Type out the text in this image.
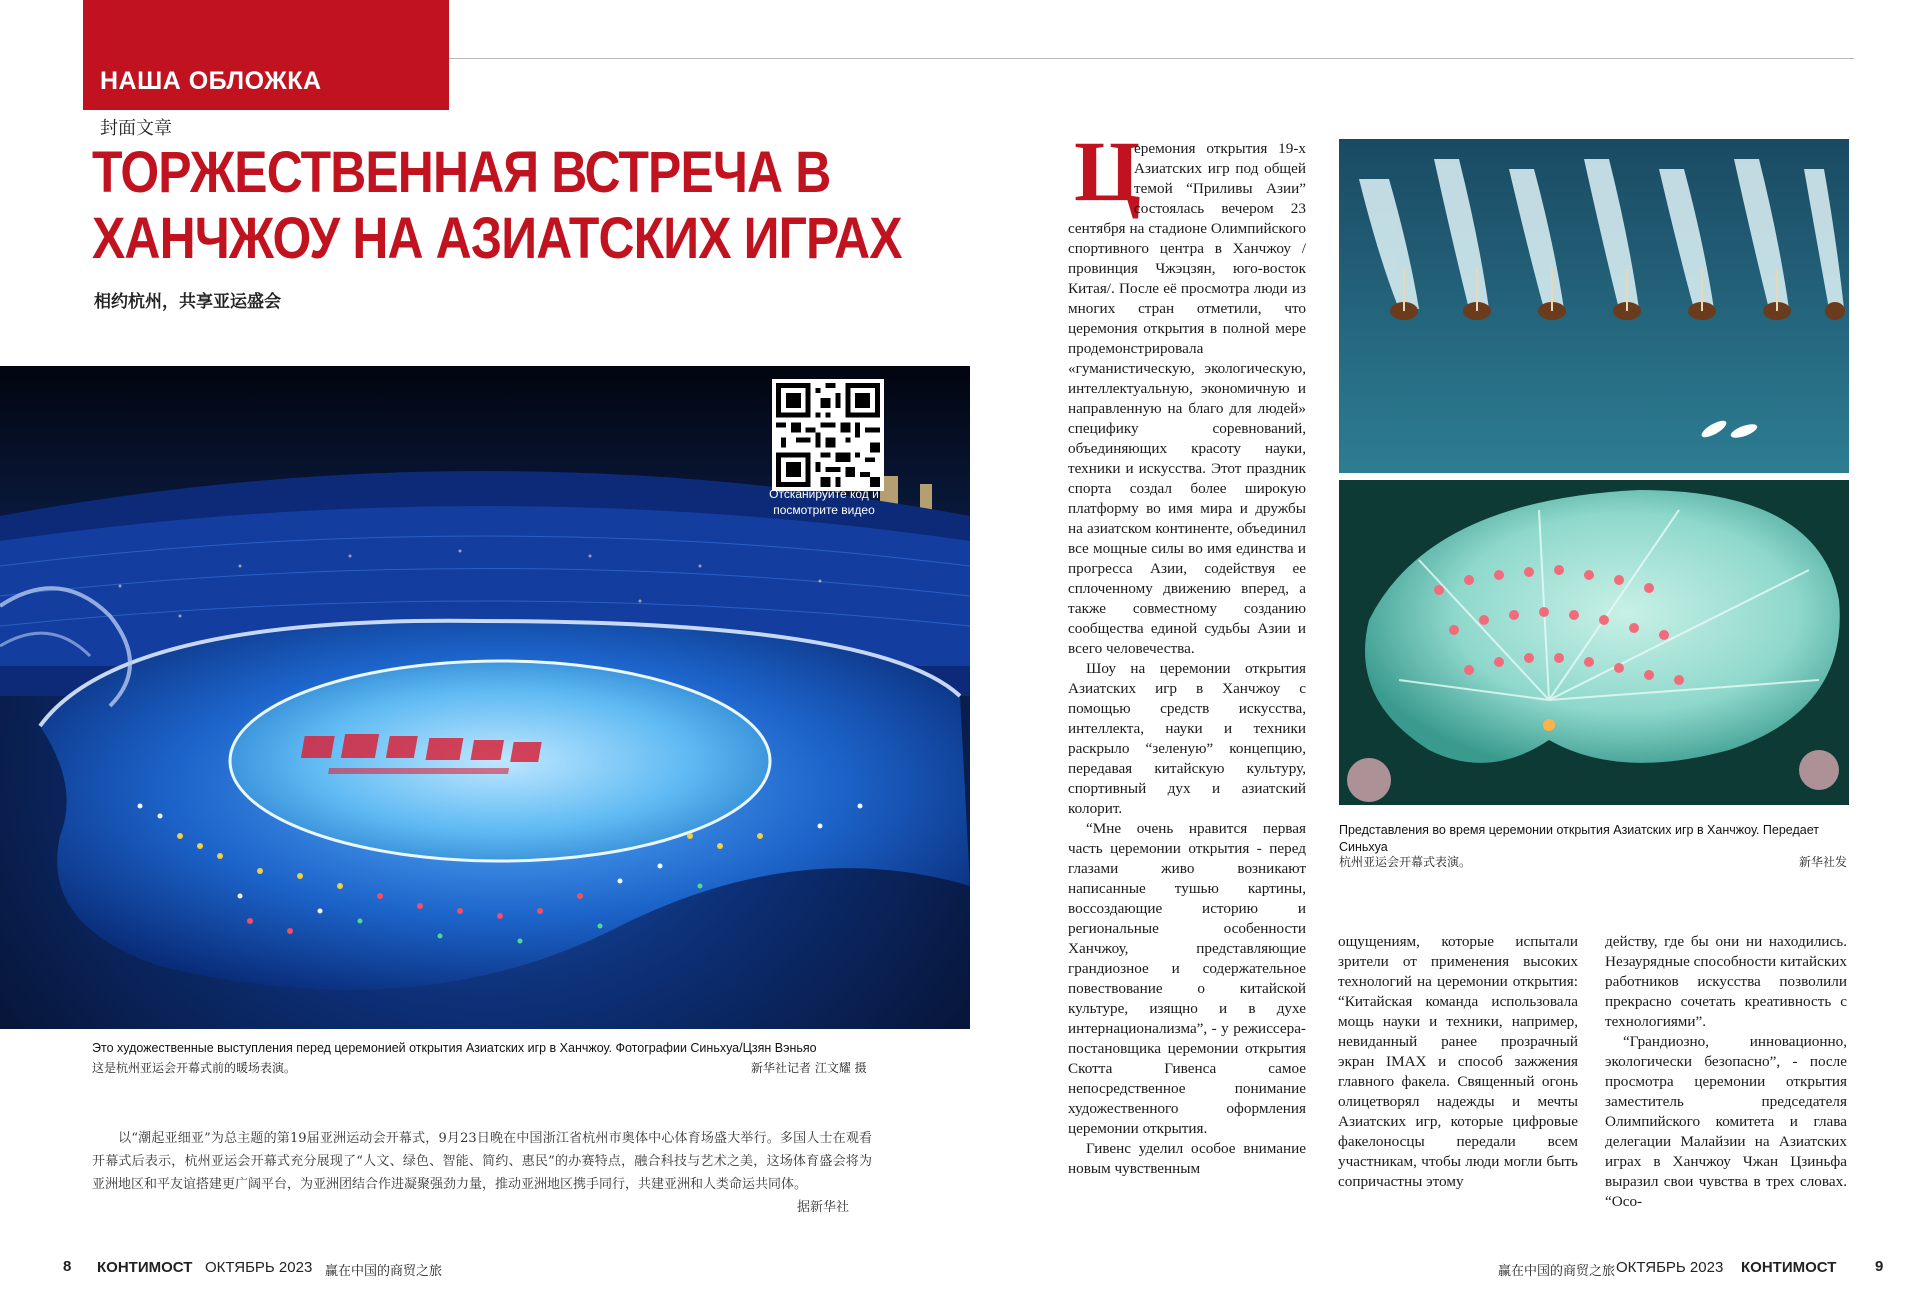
НАША ОБЛОЖКА
封面文章
ТОРЖЕСТВЕННАЯ ВСТРЕЧА В
ХАНЧЖОУ НА АЗИАТСКИХ ИГРАХ
相约杭州，共享亚运盛会
Отсканируйте код и посмотрите видео
Это художественные выступления перед церемонией открытия Азиатских игр в Ханчжоу. Фотографии Синьхуа/Цзян Вэньяо
这是杭州亚运会开幕式前的暖场表演。	新华社记者 江文耀 摄
以“潮起亚细亚”为总主题的第19届亚洲运动会开幕式，9月23日晚在中国浙江省杭州市奥体中心体育场盛大举行。多国人士在观看开幕式后表示，杭州亚运会开幕式充分展现了“人文、绿色、智能、简约、惠民”的办赛特点，融合科技与艺术之美，这场体育盛会将为亚洲地区和平友谊搭建更广阔平台，为亚洲团结合作进凝聚强劲力量，推动亚洲地区携手同行，共建亚洲和人类命运共同体。
据新华社
Ц

еремония открытия 19-х Азиатских игр под общей темой “Приливы Азии” состоялась вечером 23 сентября на стадионе Олимпийского спортивного центра в Ханчжоу /провинция Чжэцзян, юго-восток Китая/. После её просмотра люди из многих стран отметили, что церемония открытия в полной мере продемонстрировала «гуманистическую, экологическую, интеллектуальную, экономичную и направленную на благо для людей» специфику соревнований, объединяющих красоту науки, техники и искусства. Этот праздник спорта создал более широкую платформу во имя мира и дружбы на азиатском континенте, объединил все мощные силы во имя единства и прогресса Азии, содействуя ее сплоченному движению вперед, а также совместному созданию сообщества единой судьбы Азии и всего человечества.

Шоу на церемонии открытия Азиатских игр в Ханчжоу с помощью средств искусства, интеллекта, науки и техники раскрыло “зеленую” концепцию, передавая китайскую культуру, спортивный дух и азиатский колорит.

“Мне очень нравится первая часть церемонии открытия - перед глазами живо возникают написанные тушью картины, воссоздающие историю и региональные особенности Ханчжоу, представляющие грандиозное и содержательное повествование о китайской культуре, изящно и в духе интернационализма”, - у режиссера-постановщика церемонии открытия Скотта Гивенса самое непосредственное понимание художественного оформления церемонии открытия.

Гивенс уделил особое внимание новым чувственным

Представления во время церемонии открытия Азиатских игр в Ханчжоу. Передает Синьхуа
杭州亚运会开幕式表演。	新华社发

ощущениям, которые испытали зрители от применения высоких технологий на церемонии открытия: “Китайская команда использовала мощь науки и техники, например, невиданный ранее прозрачный экран IMAX и способ зажжения главного факела. Священный огонь олицетворял надежды и мечты Азиатских игр, которые цифровые факелоносцы передали всем участникам, чтобы люди могли быть сопричастны этому

действу, где бы они ни находились. Незаурядные способности китайских работников искусства позволили прекрасно сочетать креативность с технологиями”.

“Грандиозно, инновационно, экологически безопасно”, - после просмотра церемонии открытия заместитель председателя Олимпийского комитета и глава делегации Малайзии на Азиатских играх в Ханчжоу Чжан Цзиньфа выразил свои чувства в трех словах. “Осо-

8 КОНТИМОСТ ОКТЯБРЬ 2023 赢在中国的商贸之旅	赢在中国的商贸之旅 ОКТЯБРЬ 2023 КОНТИМОСТ	9
